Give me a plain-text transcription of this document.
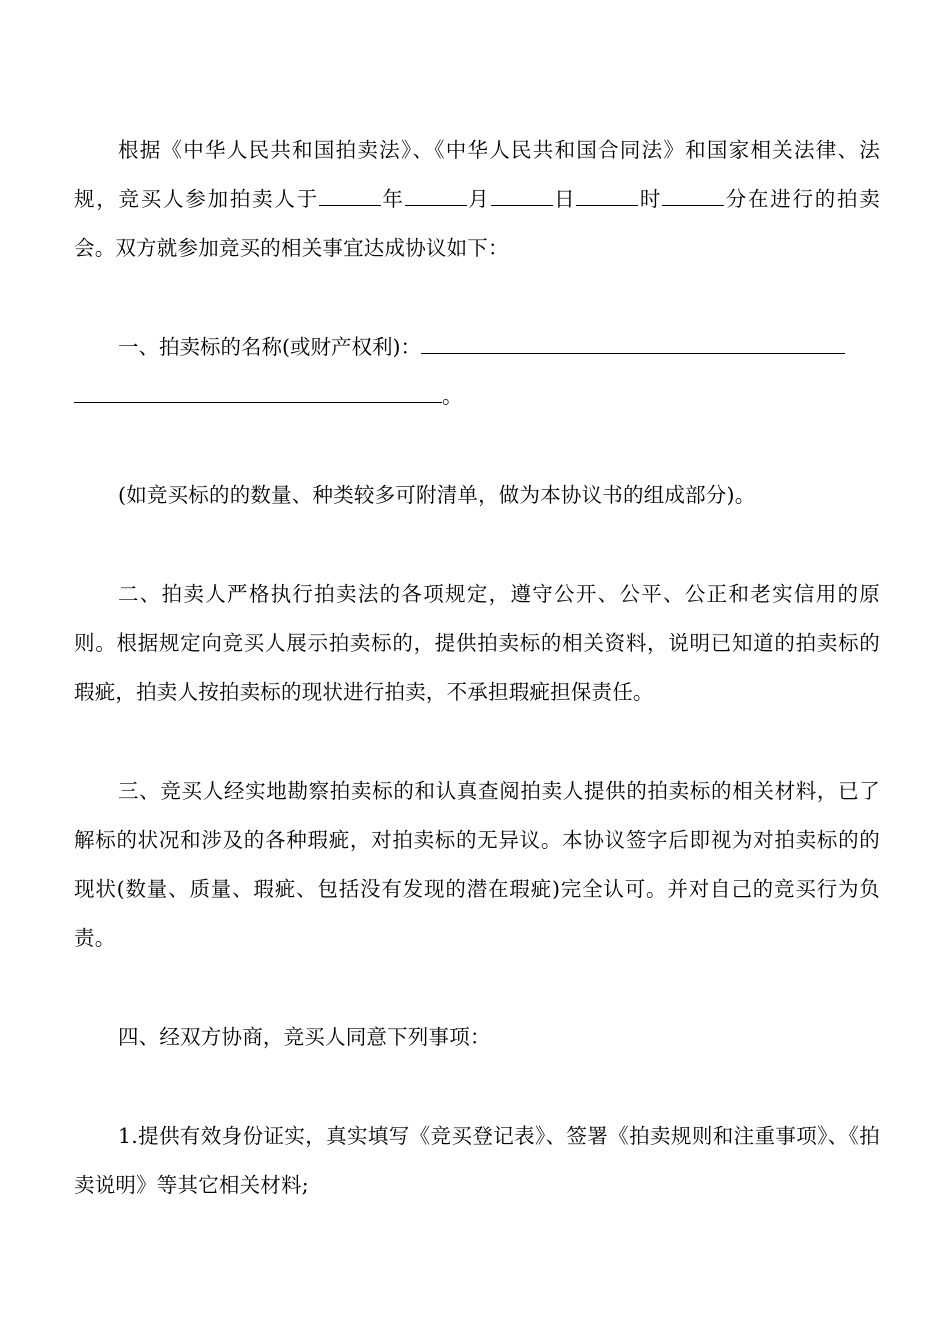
根据《中华人民共和国拍卖法》、《中华人民共和国合同法》和国家相关法律、法规，竞买人参加拍卖人于	年	月	日	时	分在进行的拍卖会。双方就参加竞买的相关事宜达成协议如下：

一、拍卖标的名称(或财产权利)：

。

(如竞买标的的数量、种类较多可附清单，做为本协议书的组成部分)。

二、拍卖人严格执行拍卖法的各项规定，遵守公开、公平、公正和老实信用的原则。根据规定向竞买人展示拍卖标的，提供拍卖标的相关资料，说明已知道的拍卖标的瑕疵，拍卖人按拍卖标的现状进行拍卖，不承担瑕疵担保责任。

三、竞买人经实地勘察拍卖标的和认真查阅拍卖人提供的拍卖标的相关材料，已了解标的状况和涉及的各种瑕疵，对拍卖标的无异议。本协议签字后即视为对拍卖标的的现状(数量、质量、瑕疵、包括没有发现的潜在瑕疵)完全认可。并对自己的竞买行为负责。

四、经双方协商，竞买人同意下列事项：

1.提供有效身份证实，真实填写《竞买登记表》、签署《拍卖规则和注重事项》、《拍卖说明》等其它相关材料;
